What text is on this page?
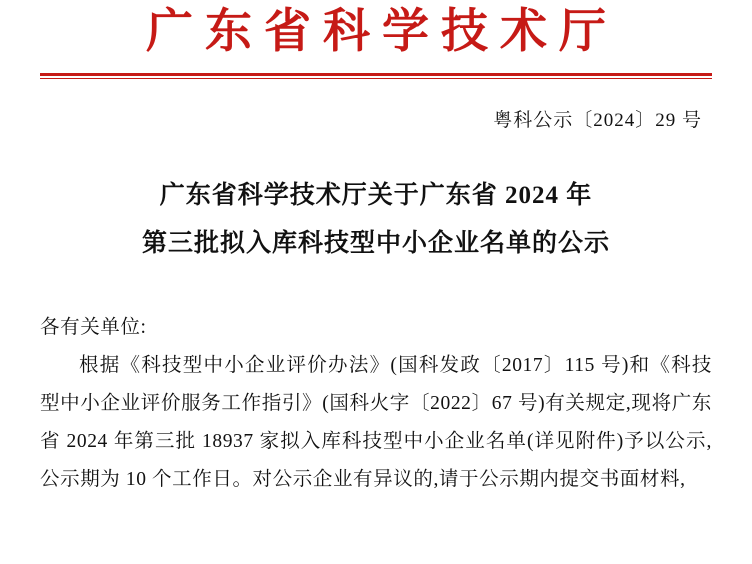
广东省科学技术厅
粤科公示〔2024〕29 号
广东省科学技术厅关于广东省 2024 年
第三批拟入库科技型中小企业名单的公示

各有关单位:

根据《科技型中小企业评价办法》(国科发政〔2017〕115 号)和《科技型中小企业评价服务工作指引》(国科火字〔2022〕67 号)有关规定,现将广东省 2024 年第三批 18937 家拟入库科技型中小企业名单(详见附件)予以公示,公示期为 10 个工作日。对公示企业有异议的,请于公示期内提交书面材料,
